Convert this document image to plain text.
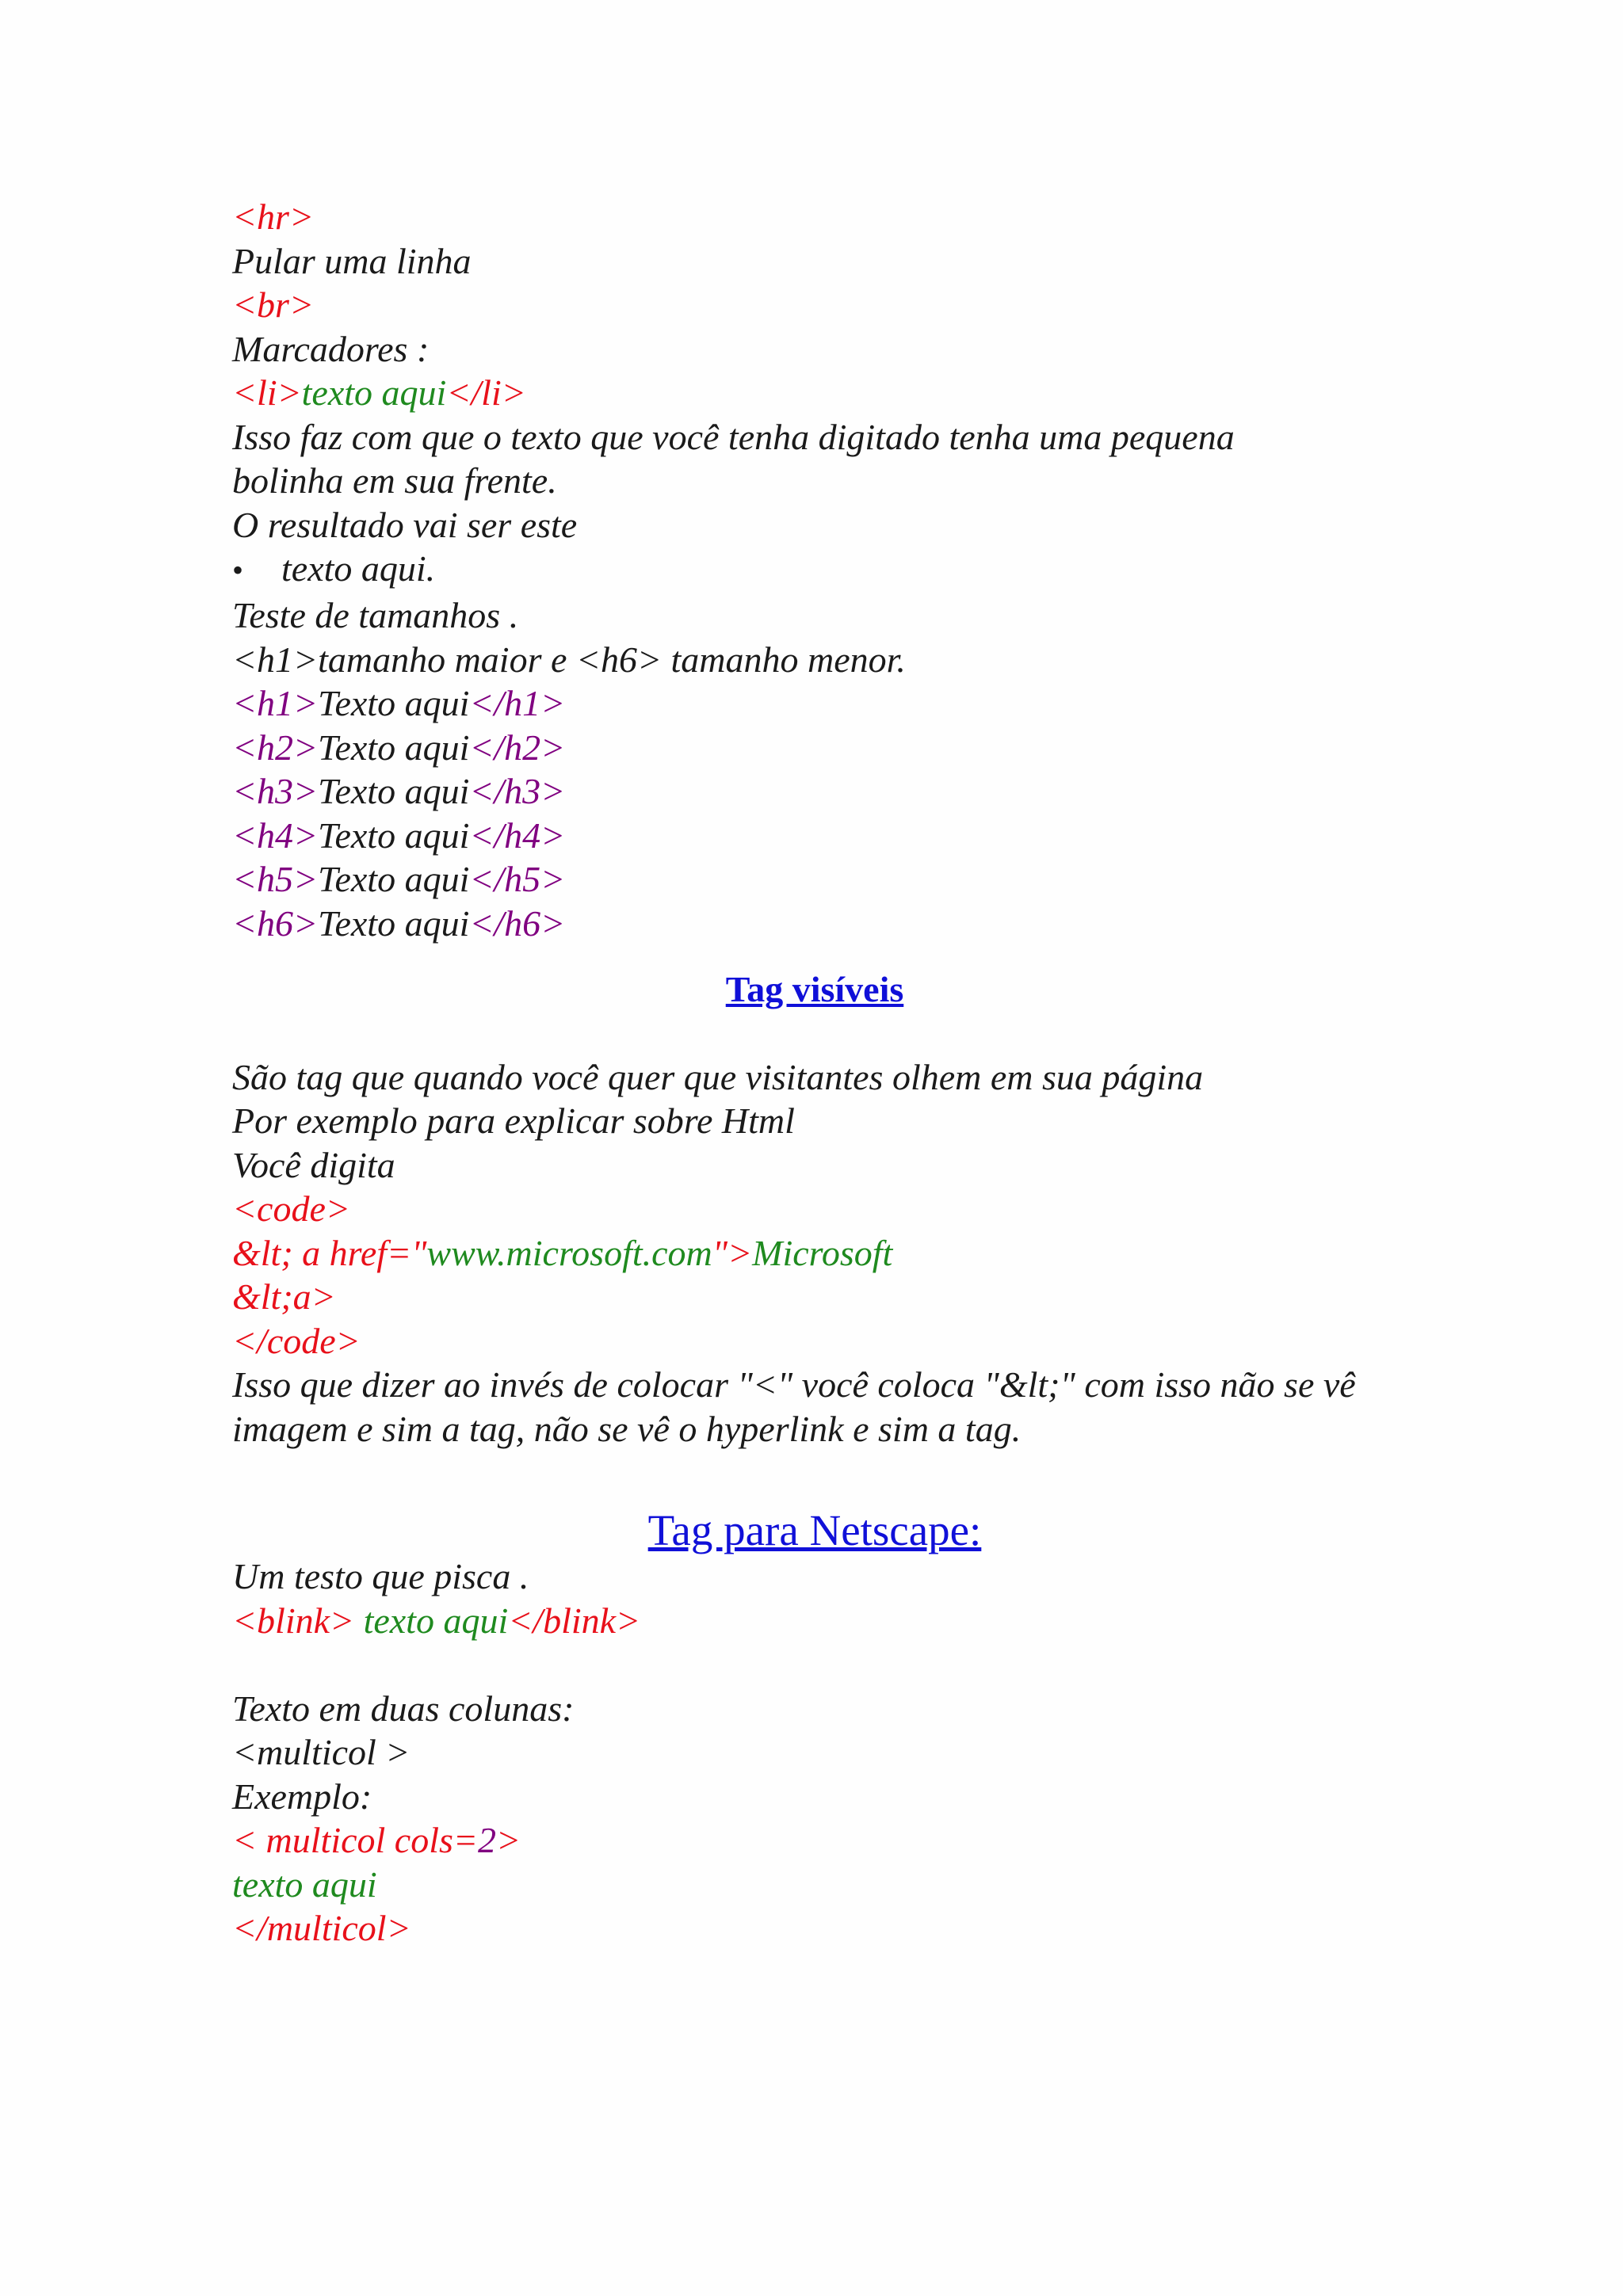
<hr>
Pular uma linha
<br>
Marcadores :
<li>texto aqui</li>
Isso faz com que o texto que você tenha digitado tenha uma pequena bolinha em sua frente.
O resultado vai ser este
•	texto aqui.
Teste de tamanhos .
<h1>tamanho maior e <h6> tamanho menor.
<h1>Texto aqui</h1>
<h2>Texto aqui</h2>
<h3>Texto aqui</h3>
<h4>Texto aqui</h4>
<h5>Texto aqui</h5>
<h6>Texto aqui</h6>
Tag visíveis
São tag que quando você quer que visitantes olhem em sua página
Por exemplo para explicar sobre Html
Você digita
<code>
&lt; a href="www.microsoft.com">Microsoft
&lt;a>
</code>
Isso que dizer ao invés de colocar "<" você coloca "&lt;" com isso não se vê imagem e sim a tag, não se vê o hyperlink e sim a tag.
Tag para Netscape:
Um testo que pisca .
<blink> texto aqui</blink>
Texto em duas colunas:
<multicol >
Exemplo:
< multicol cols=2>
texto aqui
</multicol>
